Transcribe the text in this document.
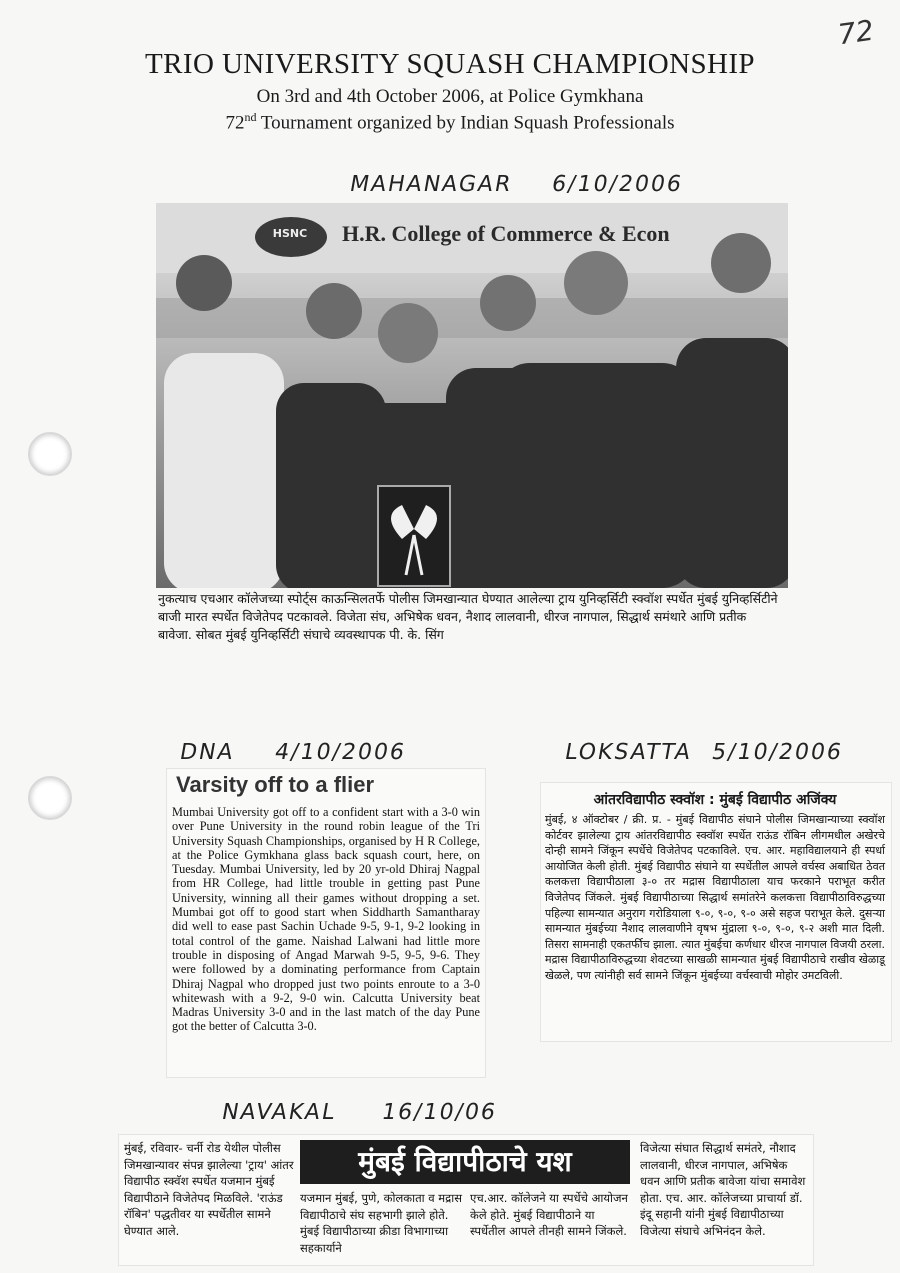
72
TRIO UNIVERSITY SQUASH CHAMPIONSHIP
On 3rd and 4th October 2006, at Police Gymkhana
72nd Tournament organized by Indian Squash Professionals
MAHANAGAR 6/10/2006
HSNC	H.R. College of Commerce & Econ
नुकत्याच एचआर कॉलेजच्या स्पोर्ट्स काऊन्सिलतर्फे पोलीस जिमखान्यात घेण्यात आलेल्या ट्राय युनिव्हर्सिटी स्क्वॉश स्पर्धेत मुंबई युनिव्हर्सिटीने बाजी मारत स्पर्धेत विजेतेपद पटकावले. विजेता संघ, अभिषेक धवन, नैशाद लालवानी, धीरज नागपाल, सिद्धार्थ समंथारे आणि प्रतीक बावेजा. सोबत मुंबई युनिव्हर्सिटी संघाचे व्यवस्थापक पी. के. सिंग
DNA 4/10/2006
Varsity off to a flier
Mumbai University got off to a confident start with a 3-0 win over Pune University in the round robin league of the Tri University Squash Championships, organised by H R College, at the Police Gymkhana glass back squash court, here, on Tuesday. Mumbai University, led by 20 yr-old Dhiraj Nagpal from HR College, had little trouble in getting past Pune University, winning all their games without dropping a set. Mumbai got off to good start when Siddharth Samantharay did well to ease past Sachin Uchade 9-5, 9-1, 9-2 looking in total control of the game. Naishad Lalwani had little more trouble in disposing of Angad Marwah 9-5, 9-5, 9-6. They were followed by a dominating performance from Captain Dhiraj Nagpal who dropped just two points enroute to a 3-0 whitewash with a 9-2, 9-0 win. Calcutta University beat Madras University 3-0 and in the last match of the day Pune got the better of Calcutta 3-0.
LOKSATTA 5/10/2006
आंतरविद्यापीठ स्क्वॉश : मुंबई विद्यापीठ अजिंक्य
मुंबई, ४ ऑक्टोबर / क्री. प्र. - मुंबई विद्यापीठ संघाने पोलीस जिमखान्याच्या स्क्वॉश कोर्टवर झालेल्या ट्राय आंतरविद्यापीठ स्क्वॉश स्पर्धेत राऊंड रॉबिन लीगमधील अखेरचे दोन्ही सामने जिंकून स्पर्धेचे विजेतेपद पटकाविले. एच. आर. महाविद्यालयाने ही स्पर्धा आयोजित केली होती. मुंबई विद्यापीठ संघाने या स्पर्धेतील आपले वर्चस्व अबाधित ठेवत कलकत्ता विद्यापीठाला ३-० तर मद्रास विद्यापीठाला याच फरकाने पराभूत करीत विजेतेपद जिंकले. मुंबई विद्यापीठाच्या सिद्धार्थ समांतरेने कलकत्ता विद्यापीठाविरुद्धच्या पहिल्या सामन्यात अनुराग गरोडियाला ९-०, ९-०, ९-० असे सहज पराभूत केले. दुसऱ्या सामन्यात मुंबईच्या नैशाद लालवाणीने वृषभ मुंद्राला ९-०, ९-०, ९-२ अशी मात दिली. तिसरा सामनाही एकतर्फीच झाला. त्यात मुंबईचा कर्णधार धीरज नागपाल विजयी ठरला. मद्रास विद्यापीठाविरुद्धच्या शेवटच्या साखळी सामन्यात मुंबई विद्यापीठाचे राखीव खेळाडू खेळले, पण त्यांनीही सर्व सामने जिंकून मुंबईच्या वर्चस्वाची मोहोर उमटविली.
NAVAKAL 16/10/06
मुंबई, रविवार- चर्नी रोड येथील पोलीस जिमखान्यावर संपन्न झालेल्या 'ट्राय' आंतर विद्यापीठ स्क्वॅश स्पर्धेत यजमान मुंबई विद्यापीठाने विजेतेपद मिळविले. 'राऊंड रॉबिन' पद्धतीवर या स्पर्धेतील सामने घेण्यात आले.
मुंबई विद्यापीठाचे यश
यजमान मुंबई, पुणे, कोलकाता व मद्रास विद्यापीठाचे संघ सहभागी झाले होते. मुंबई विद्यापीठाच्या क्रीडा विभागाच्या सहकार्याने
एच.आर. कॉलेजने या स्पर्धेचे आयोजन केले होते. मुंबई विद्यापीठाने या स्पर्धेतील आपले तीनही सामने जिंकले.
विजेत्या संघात सिद्धार्थ समंतरे, नौशाद लालवानी, धीरज नागपाल, अभिषेक धवन आणि प्रतीक बावेजा यांचा समावेश होता. एच. आर. कॉलेजच्या प्राचार्या डॉ. इंदू सहानी यांनी मुंबई विद्यापीठाच्या विजेत्या संघाचे अभिनंदन केले.
